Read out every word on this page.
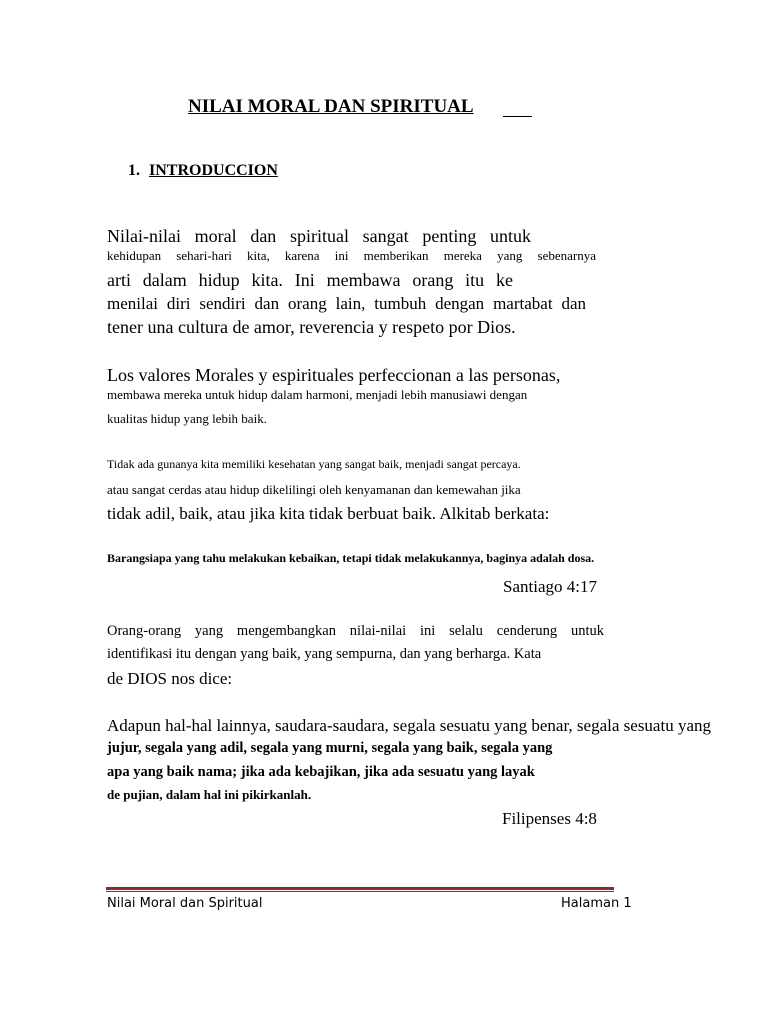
NILAI MORAL DAN SPIRITUAL
1. INTRODUCCION

Nilai-nilai moral dan spiritual sangat penting untuk

kehidupan sehari-hari kita, karena ini memberikan mereka yang sebenarnya

arti dalam hidup kita. Ini membawa orang itu ke

menilai diri sendiri dan orang lain, tumbuh dengan martabat dan

tener una cultura de amor, reverencia y respeto por Dios.

Los valores Morales y espirituales perfeccionan a las personas,

membawa mereka untuk hidup dalam harmoni, menjadi lebih manusiawi dengan

kualitas hidup yang lebih baik.

Tidak ada gunanya kita memiliki kesehatan yang sangat baik, menjadi sangat percaya.

atau sangat cerdas atau hidup dikelilingi oleh kenyamanan dan kemewahan jika

tidak adil, baik, atau jika kita tidak berbuat baik. Alkitab berkata:

Barangsiapa yang tahu melakukan kebaikan, tetapi tidak melakukannya, baginya adalah dosa.

Santiago 4:17

Orang-orang yang mengembangkan nilai-nilai ini selalu cenderung untuk

identifikasi itu dengan yang baik, yang sempurna, dan yang berharga. Kata

de DIOS nos dice:

Adapun hal-hal lainnya, saudara-saudara, segala sesuatu yang benar, segala sesuatu yang

jujur, segala yang adil, segala yang murni, segala yang baik, segala yang

apa yang baik nama; jika ada kebajikan, jika ada sesuatu yang layak

de pujian, dalam hal ini pikirkanlah.

Filipenses 4:8

Nilai Moral dan Spiritual	Halaman 1
